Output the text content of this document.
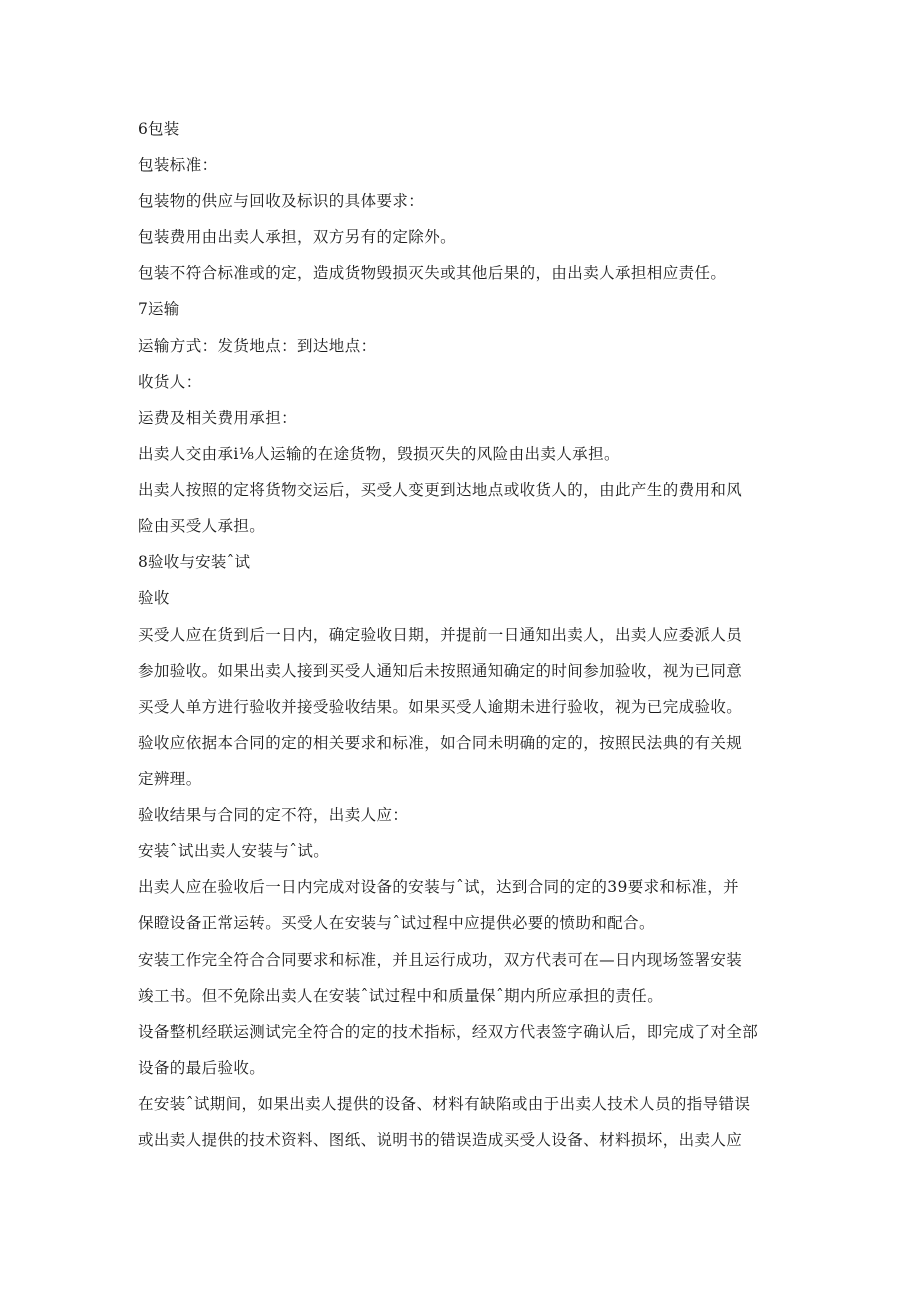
6包装
包装标准：
包装物的供应与回收及标识的具体要求：
包装费用由出卖人承担，双方另有的定除外。
包装不符合标准或的定，造成货物毁损灭失或其他后果的，由出卖人承担相应责任。
7运输
运输方式：发货地点：到达地点：
收货人：
运费及相关费用承担：
出卖人交由承i⅛人运输的在途货物，毁损灭失的风险由出卖人承担。
出卖人按照的定将货物交运后，买受人变更到达地点或收货人的，由此产生的费用和风
险由买受人承担。
8验收与安装ˆ试
验收
买受人应在货到后一日内，确定验收日期，并提前一日通知出卖人，出卖人应委派人员
参加验收。如果出卖人接到买受人通知后未按照通知确定的时间参加验收，视为已同意
买受人单方进行验收并接受验收结果。如果买受人逾期未进行验收，视为已完成验收。
验收应依据本合同的定的相关要求和标准，如合同未明确的定的，按照民法典的有关规
定辨理。
验收结果与合同的定不符，出卖人应：
安装ˆ试出卖人安装与ˆ试。
出卖人应在验收后一日内完成对设备的安装与ˆ试，达到合同的定的39要求和标准，并
保瞪设备正常运转。买受人在安装与ˆ试过程中应提供必要的愤助和配合。
安装工作完全符合合同要求和标准，并且运行成功，双方代表可在—日内现场签署安装
竣工书。但不免除出卖人在安装ˆ试过程中和质量保ˆ期内所应承担的责任。
设备整机经联运测试完全符合的定的技术指标，经双方代表签字确认后，即完成了对全部
设备的最后验收。
在安装ˆ试期间，如果出卖人提供的设备、材料有缺陷或由于出卖人技术人员的指导错误
或出卖人提供的技术资料、图纸、说明书的错误造成买受人设备、材料损坏，出卖人应
